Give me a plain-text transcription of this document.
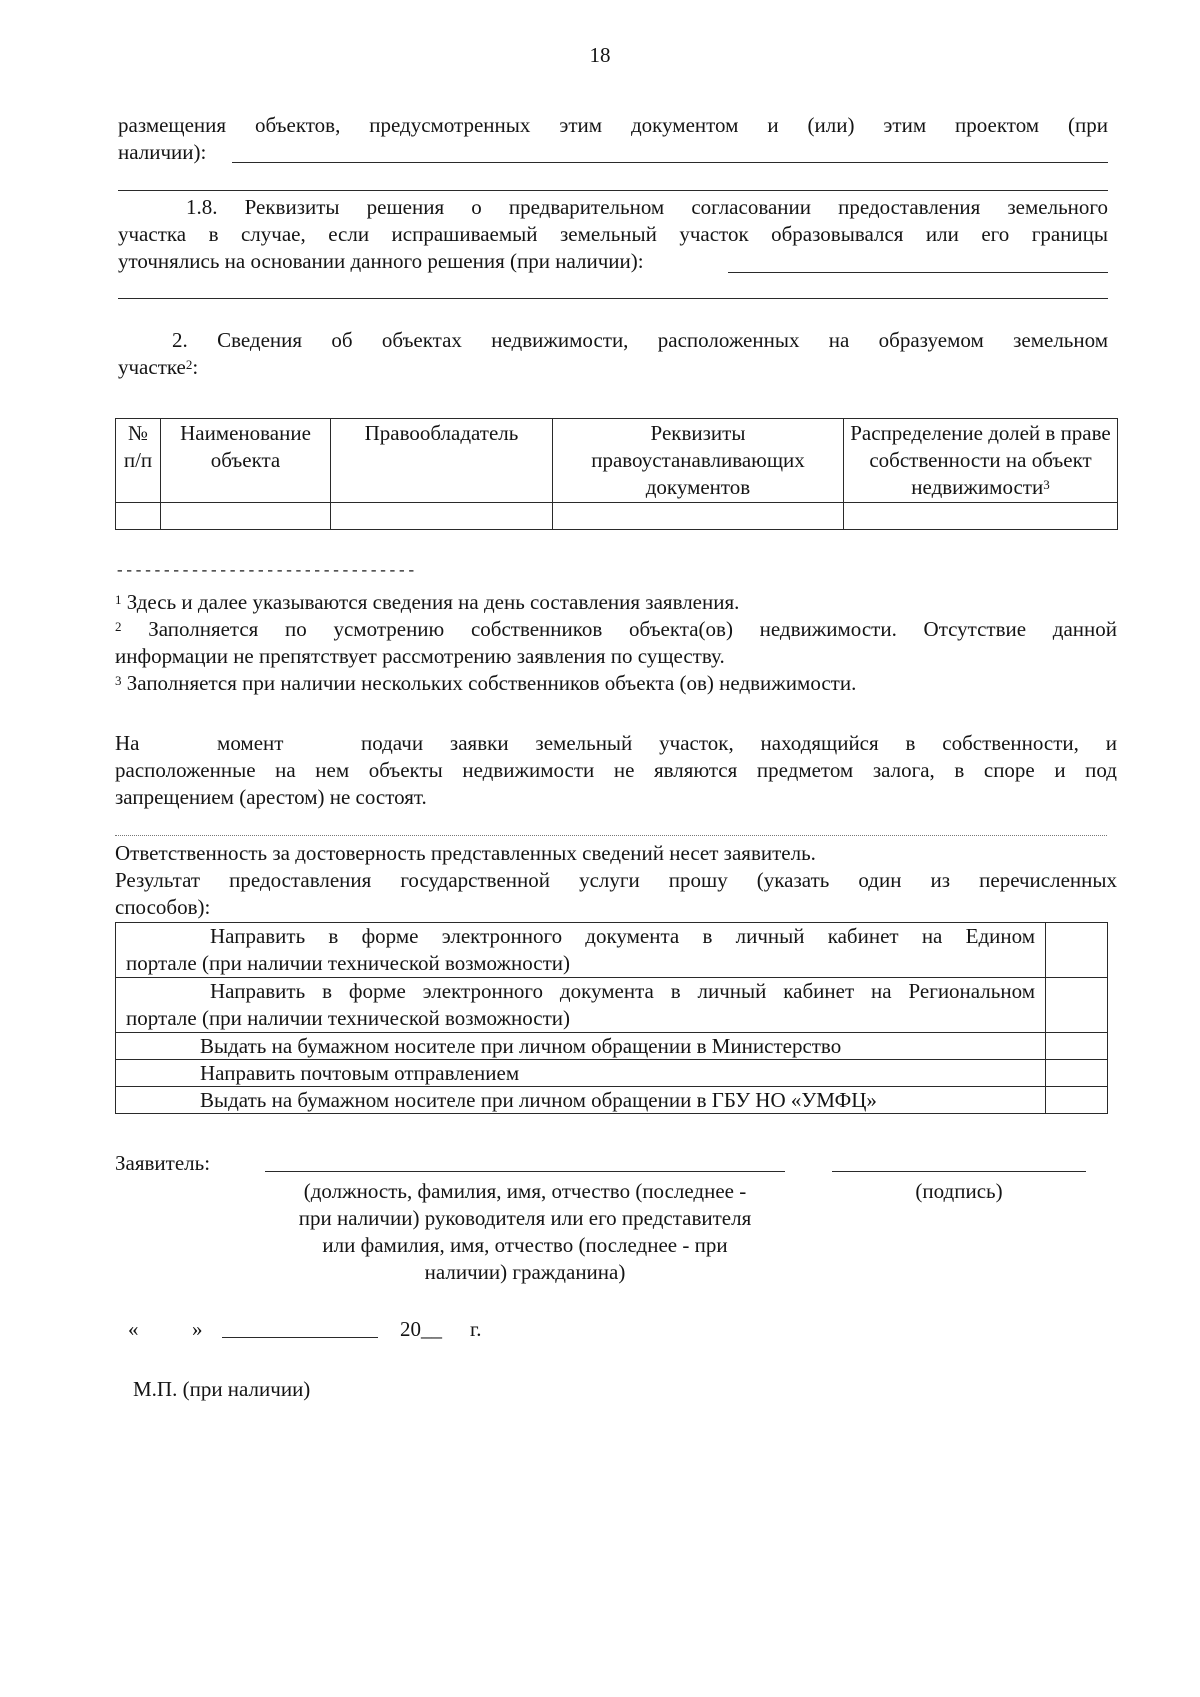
18
размещения объектов, предусмотренных этим документом и (или) этим проектом (при
наличии):
1.8. Реквизиты решения о предварительном согласовании предоставления земельного
участка в случае, если испрашиваемый земельный участок образовывался или его границы
уточнялись на основании данного решения (при наличии):
2. Сведения об объектах недвижимости, расположенных на образуемом земельном
участке$^2$:
№ п/п	Наименование объекта	Правообладатель	Реквизиты правоустанавливающих документов	Распределение долей в праве собственности на объект недвижимости$^3$

--------------------------------
$^1$ Здесь и далее указываются сведения на день составления заявления.
$^2$ Заполняется по усмотрению собственников объекта(ов) недвижимости. Отсутствие данной
информации не препятствует рассмотрению заявления по существу.
$^3$ Заполняется при наличии нескольких собственников объекта (ов) недвижимости.
На	момент	подачи заявки земельный участок, находящийся в собственности, и
расположенные на нем объекты недвижимости не являются предметом залога, в споре и под
запрещением (арестом) не состоят.
Ответственность за достоверность представленных сведений несет заявитель.
Результат предоставления государственной услуги прошу (указать один из перечисленных
способов):
Направить в форме электронного документа в личный кабинет на Едином
портале (при наличии технической возможности)	

Направить в форме электронного документа в личный кабинет на Региональном
портале (при наличии технической возможности)	

Выдать на бумажном носителе при личном обращении в Министерство	
Направить почтовым отправлением	
Выдать на бумажном носителе при личном обращении в ГБУ НО «УМФЦ»	
Заявитель:
(должность, фамилия, имя, отчество (последнее -
при наличии) руководителя или его представителя
или фамилия, имя, отчество (последнее - при
наличии) гражданина)
(подпись)
«	»	20__ г.
М.П. (при наличии)
